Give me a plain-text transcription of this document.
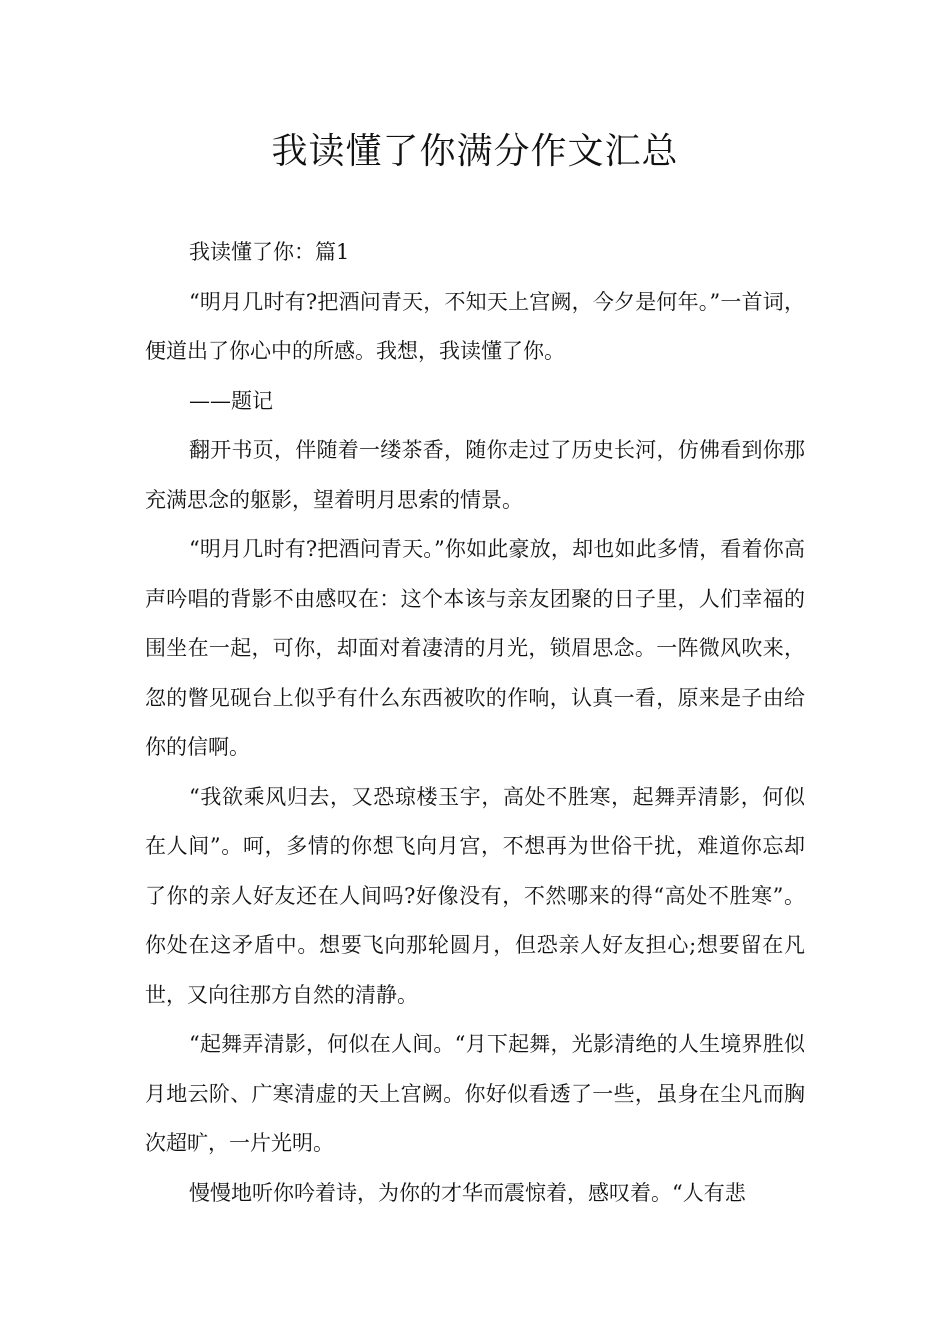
我读懂了你满分作文汇总

我读懂了你：篇1

“明月几时有?把酒问青天，不知天上宫阙，今夕是何年。”一首词，便道出了你心中的所感。我想，我读懂了你。

——题记

翻开书页，伴随着一缕茶香，随你走过了历史长河，仿佛看到你那充满思念的躯影，望着明月思索的情景。

“明月几时有?把酒问青天。”你如此豪放，却也如此多情，看着你高声吟唱的背影不由感叹在：这个本该与亲友团聚的日子里，人们幸福的围坐在一起，可你，却面对着凄清的月光，锁眉思念。一阵微风吹来，忽的瞥见砚台上似乎有什么东西被吹的作响，认真一看，原来是子由给你的信啊。

“我欲乘风归去，又恐琼楼玉宇，高处不胜寒，起舞弄清影，何似在人间”。呵，多情的你想飞向月宫，不想再为世俗干扰，难道你忘却了你的亲人好友还在人间吗?好像没有，不然哪来的得“高处不胜寒”。你处在这矛盾中。想要飞向那轮圆月，但恐亲人好友担心;想要留在凡世，又向往那方自然的清静。

“起舞弄清影，何似在人间。“月下起舞，光影清绝的人生境界胜似月地云阶、广寒清虚的天上宫阙。你好似看透了一些，虽身在尘凡而胸次超旷，一片光明。

慢慢地听你吟着诗，为你的才华而震惊着，感叹着。“人有悲
